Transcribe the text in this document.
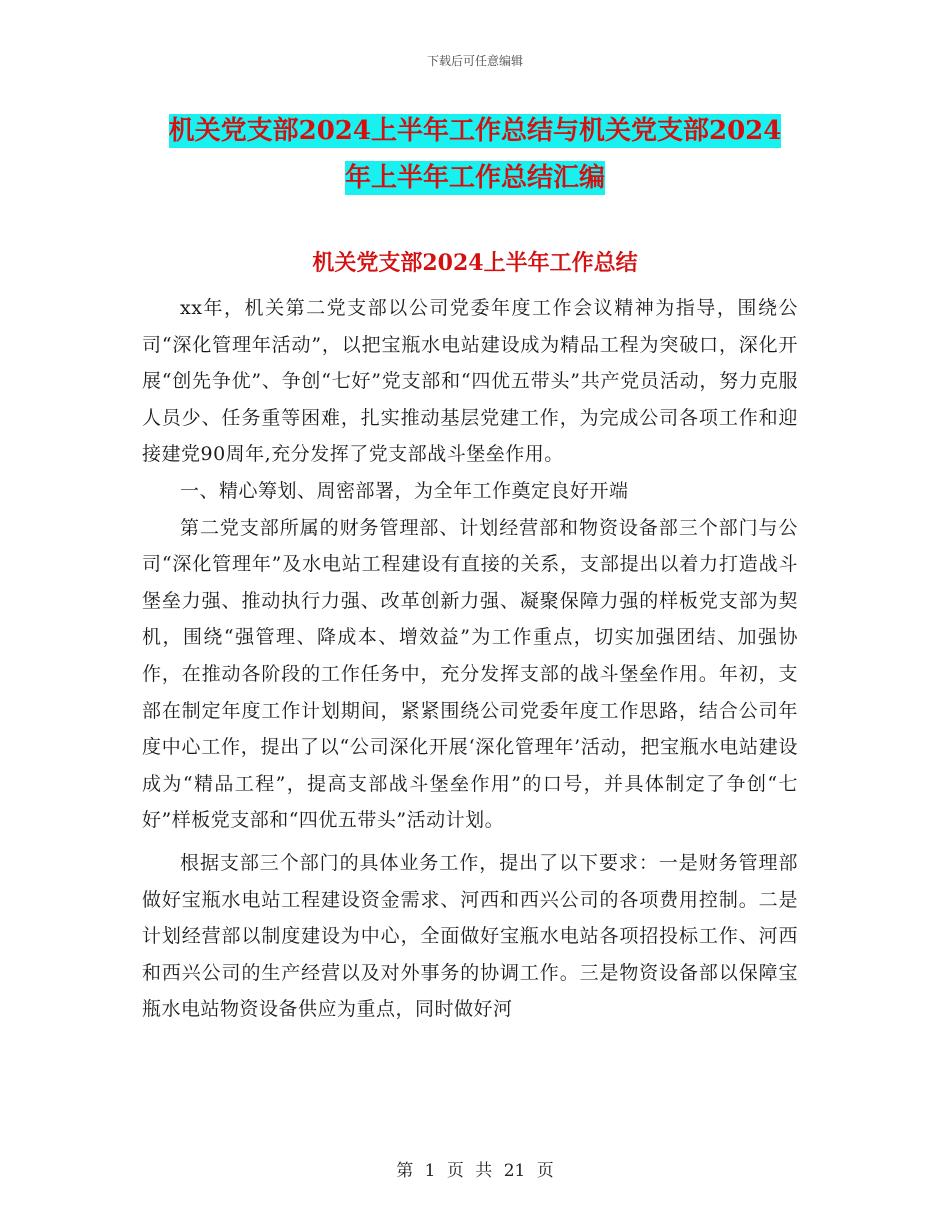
下载后可任意编辑
机关党支部2024上半年工作总结与机关党支部2024
年上半年工作总结汇编
机关党支部2024上半年工作总结

xx年，机关第二党支部以公司党委年度工作会议精神为指导，围绕公司“深化管理年活动”，以把宝瓶水电站建设成为精品工程为突破口，深化开展“创先争优”、争创“七好”党支部和“四优五带头”共产党员活动，努力克服人员少、任务重等困难，扎实推动基层党建工作，为完成公司各项工作和迎接建党90周年,充分发挥了党支部战斗堡垒作用。

一、精心筹划、周密部署，为全年工作奠定良好开端

第二党支部所属的财务管理部、计划经营部和物资设备部三个部门与公司“深化管理年”及水电站工程建设有直接的关系，支部提出以着力打造战斗堡垒力强、推动执行力强、改革创新力强、凝聚保障力强的样板党支部为契机，围绕“强管理、降成本、增效益”为工作重点，切实加强团结、加强协作，在推动各阶段的工作任务中，充分发挥支部的战斗堡垒作用。年初，支部在制定年度工作计划期间，紧紧围绕公司党委年度工作思路，结合公司年度中心工作，提出了以“公司深化开展‘深化管理年’活动，把宝瓶水电站建设成为“精品工程”，提高支部战斗堡垒作用”的口号，并具体制定了争创“七好”样板党支部和“四优五带头”活动计划。

根据支部三个部门的具体业务工作，提出了以下要求：一是财务管理部做好宝瓶水电站工程建设资金需求、河西和西兴公司的各项费用控制。二是计划经营部以制度建设为中心，全面做好宝瓶水电站各项招投标工作、河西和西兴公司的生产经营以及对外事务的协调工作。三是物资设备部以保障宝瓶水电站物资设备供应为重点，同时做好河

第 1 页 共 21 页
